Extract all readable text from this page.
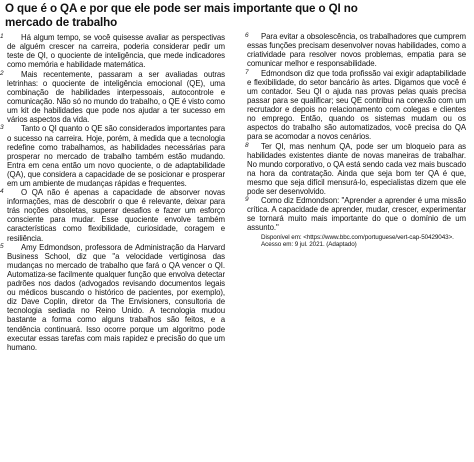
O que é o QA e por que ele pode ser mais importante que o QI no mercado de trabalho
1	Há algum tempo, se você quisesse avaliar as perspectivas de alguém crescer na carreira, poderia considerar pedir um teste de QI, o quociente de inteligência, que mede indicadores como memória e habilidade matemática.

2	Mais recentemente, passaram a ser avaliadas outras letrinhas: o quociente de inteligência emocional (QE), uma combinação de habilidades interpessoais, autocontrole e comunicação. Não só no mundo do trabalho, o QE é visto como um kit de habilidades que pode nos ajudar a ter sucesso em vários aspectos da vida.

3	Tanto o QI quanto o QE são considerados importantes para o sucesso na carreira. Hoje, porém, à medida que a tecnologia redefine como trabalhamos, as habilidades necessárias para prosperar no mercado de trabalho também estão mudando. Entra em cena então um novo quociente, o de adaptabilidade (QA), que considera a capacidade de se posicionar e prosperar em um ambiente de mudanças rápidas e frequentes.

4	O QA não é apenas a capacidade de absorver novas informações, mas de descobrir o que é relevante, deixar para trás noções obsoletas, superar desafios e fazer um esforço consciente para mudar. Esse quociente envolve também características como flexibilidade, curiosidade, coragem e resiliência.

5	Amy Edmondson, professora de Administração da Harvard Business School, diz que "a velocidade vertiginosa das mudanças no mercado de trabalho que fará o QA vencer o QI. Automatiza-se facilmente qualquer função que envolva detectar padrões nos dados (advogados revisando documentos legais ou médicos buscando o histórico de pacientes, por exemplo), diz Dave Coplin, diretor da The Envisioners, consultoria de tecnologia sediada no Reino Unido. A tecnologia mudou bastante a forma como alguns trabalhos são feitos, e a tendência continuará. Isso ocorre porque um algoritmo pode executar essas tarefas com mais rapidez e precisão do que um humano.

6	Para evitar a obsolescência, os trabalhadores que cumprem essas funções precisam desenvolver novas habilidades, como a criatividade para resolver novos problemas, empatia para se comunicar melhor e responsabilidade.

7	Edmondson diz que toda profissão vai exigir adaptabilidade e flexibilidade, do setor bancário às artes. Digamos que você é um contador. Seu QI o ajuda nas provas pelas quais precisa passar para se qualificar; seu QE contribui na conexão com um recrutador e depois no relacionamento com colegas e clientes no emprego. Então, quando os sistemas mudam ou os aspectos do trabalho são automatizados, você precisa do QA para se acomodar a novos cenários.

8	Ter QI, mas nenhum QA, pode ser um bloqueio para as habilidades existentes diante de novas maneiras de trabalhar. No mundo corporativo, o QA está sendo cada vez mais buscado na hora da contratação. Ainda que seja bom ter QA é que, mesmo que seja difícil mensurá-lo, especialistas dizem que ele pode ser desenvolvido.

9	Como diz Edmondson: "Aprender a aprender é uma missão crítica. A capacidade de aprender, mudar, crescer, experimentar se tornará muito mais importante do que o domínio de um assunto."

Disponível em: <https://www.bbc.com/portuguese/vert-cap-50429043>.
Acesso em: 9 jul. 2021. (Adaptado)
